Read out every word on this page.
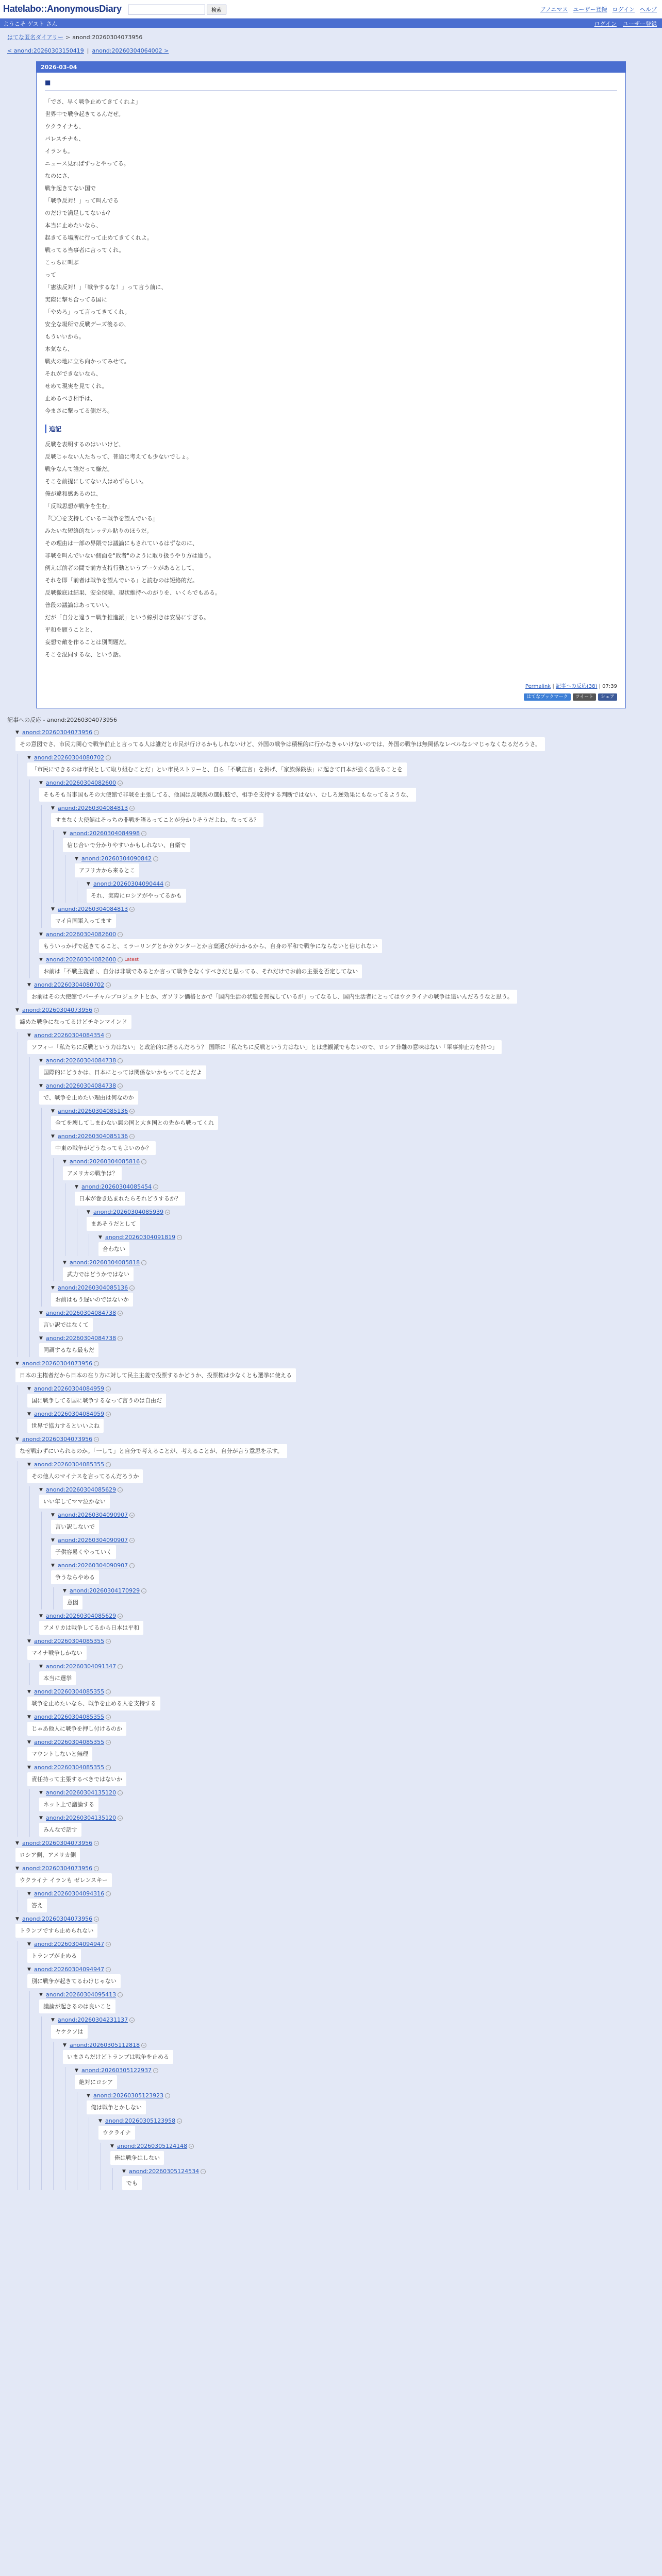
Hatelabo::AnonymousDiary	検索	アノニマス ユーザー登録 ログイン ヘルプ
ようこそ ゲスト さん	ログイン ユーザー登録
はてな匿名ダイアリー > anond:20260304073956
< anond:20260303150419 | anond:20260304064002 >
2026-03-04
■

「でさ、早く戦争止めてきてくれよ」

世界中で戦争起きてるんだぜ。

ウクライナも、

パレスチナも、

イランも。

ニュース見ればずっとやってる。

なのにさ、

戦争起きてない国で

「戦争反対！」って叫んでる

のだけで満足してないか？

本当に止めたいなら、

起きてる場所に行って止めてきてくれよ。

戦ってる当事者に言ってくれ。

こっちに叫ぶ

って

「憲法反対！」「戦争するな！」って言う前に、

実際に撃ち合ってる国に

「やめろ」って言ってきてくれ。

安全な場所で反戦デーズ後るの、

もういいから。

本気なら、

戦火の地に立ち向かってみせて。

それができないなら、

せめて現実を見てくれ。

止めるべき相手は、

今まさに撃ってる側だろ。

追記

反戦を表明するのはいいけど、

反戦じゃない人たちって、普通に考えても少ないでしょ。

戦争なんて誰だって嫌だ。

そこを前提にしてない人はめずらしい。

俺が違和感あるのは、

「反戦思想が戦争を生む」

『〇〇を支持している＝戦争を望んでいる』

みたいな短絡的なレッテル貼りのほうだ。

その理由は一部の界隈では議論にもされているはずなのに、

非戦を叫んでいない側面を"敗者"のように取り扱うやり方は違う。

例えば前者の間で前方支持行動というブーケがあるとして、

それを即「前者は戦争を望んでいる」と読むのは短絡的だ。

反戦徹底は結果、安全保障、現状維持へのがりを、いくらでもある。

普段の議論はあっていい。

だが「自分と違う＝戦争推進派」という線引きは安易にすぎる。

平和を願うことと、

妄想で敵を作ることは別問題だ。

そこを混同するな、という話。

Permalink | 記事への反応(38) | 07:39
はてなブックマーク	ツイート	シェア
記事への反応 - anond:20260304073956
▼ anond:20260304073956 –
その意図でさ、市民力関心で戦争前止と言ってる人は誰だと市民が行けるかもしれないけど、外国の戦争は積極的に行かなきゃいけないのでは、外国の戦争は無関係なレベルなシマじゃなくなるだろうさ。
▼ anond:20260304080702 –
「市民にできるのは市民として取り組むことだ」とい市民ストリーと、自ら「不戦宣言」を掲げ、「家族保険法」に起きて日本が強く名乗ることを
▼ anond:20260304082600 –
そもそも当事国もその大使館で非戦を主張してる、他国は反戦派の選択肢で、相手を支持する判断ではない、むしろ逆効果にもなってるような、
▼ anond:20260304084813 –
すまなく大使館はそっちの非戦を語るってことが分かりそうだよね、なってる？
▼ anond:20260304084998 –
信じ合いで分かりやすいかもしれない、自衛で
▼ anond:20260304090842 –
アフリカから来るとこ
▼ anond:20260304090444 –
それ、実際にロシアがやってるかも
▼ anond:20260304084813 –
マイ自国軍入ってます
▼ anond:20260304082600 –
もういっかげで起きてること、ミラーリングとかカウンターとか言葉選びがわかるから、自身の平和で戦争にならないと信じれない
▼ anond:20260304082600 – Latest
お前は「不戦主義者」、自分は非戦であるとか言って戦争をなくすべきだと思ってる、それだけでお前の主張を否定してない
▼ anond:20260304080702 –
お前はその大使館でバーチャルプロジェクトとか、ガソリン価格とかで「国内生活の状態を無視しているが」ってなるし、国内生活者にとってはウクライナの戦争は遠いんだろうなと思う。
▼ anond:20260304073956 –
諦めた戦争になってるけどチキンマインド
▼ anond:20260304084354 –
ソフィー「私たちに反戦という力はない」と政治的に語るんだろう？ 国際に「私たちに反戦という力はない」とは悲観派でもないので、ロシア非難の意味はない「軍事抑止力を持つ」
▼ anond:20260304084738 –
国際的にどうかは、日本にとっては関係ないかもってことだよ
▼ anond:20260304084738 –
で、戦争を止めたい理由は何なのか
▼ anond:20260304085136 –
全てを壊してしまわない悪の国と大き国との先から戦ってくれ
▼ anond:20260304085136 –
中東の戦争がどうなってもよいのか？
▼ anond:20260304085816 –
アメリカの戦争は？
▼ anond:20260304085454 –
日本が巻き込まれたらそれどうするか？
▼ anond:20260304085939 –
まあそうだとして
▼ anond:20260304091819 –
合わない
▼ anond:20260304085818 –
武力ではどうかではない
▼ anond:20260304085136 –
お前はもう遅いのではないか
▼ anond:20260304084738 –
言い訳ではなくて
▼ anond:20260304084738 –
同調するなら最もだ
▼ anond:20260304073956 –
日本の主権者だから日本の在り方に対して民主主義で投票するかどうか、投票権は少なくとも選挙に使える
▼ anond:20260304084959 –
国に戦争してる国に戦争するなって言うのは自由だ
▼ anond:20260304084959 –
世界で協力するといいよね
▼ anond:20260304073956 –
なぜ戦わずにいられるのか。「一して」と自分で考えることが、考えることが、自分が言う意思を示す。
▼ anond:20260304085355 –
その他人のマイナスを言ってるんだろうか
▼ anond:20260304085629 –
いい年してママ泣かない
▼ anond:20260304090907 –
言い訳しないで
▼ anond:20260304090907 –
子供容易くやっていく
▼ anond:20260304090907 –
争うならやめる
▼ anond:20260304170929 –
意図
▼ anond:20260304085629 –
アメリカは戦争してるから日本は平和
▼ anond:20260304085355 –
マイナ戦争しかない
▼ anond:20260304091347 –
本当に選挙
▼ anond:20260304085355 –
戦争を止めたいなら、戦争を止める人を支持する
▼ anond:20260304085355 –
じゃあ他人に戦争を押し付けるのか
▼ anond:20260304085355 –
マウントしないと無理
▼ anond:20260304085355 –
責任持って主張するべきではないか
▼ anond:20260304135120 –
ネット上で議論する
▼ anond:20260304135120 –
みんなで話す
▼ anond:20260304073956 –
ロシア側、アメリカ側
▼ anond:20260304073956 –
ウクライナ イランも ゼレンスキー
▼ anond:20260304094316 –
答え
▼ anond:20260304073956 –
トランプですら止められない
▼ anond:20260304094947 –
トランプが止める
▼ anond:20260304094947 –
別に戦争が起きてるわけじゃない
▼ anond:20260304095413 –
議論が起きるのは良いこと
▼ anond:20260304231137 –
ヤケクソは
▼ anond:20260305112818 –
いまさらだけどトランプは戦争を止める
▼ anond:20260305122937 –
絶対にロシア
▼ anond:20260305123923 –
俺は戦争とかしない
▼ anond:20260305123958 –
ウクライナ
▼ anond:20260305124148 –
俺は戦争はしない
▼ anond:20260305124534 –
でも
